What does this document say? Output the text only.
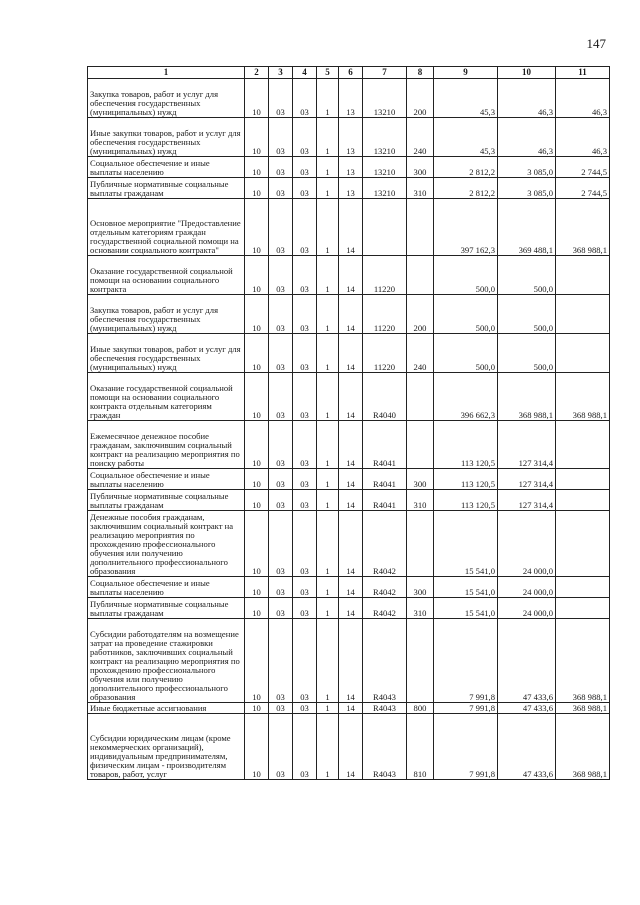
147
1	2	3	4	5	6	7	8	9	10	11
Закупка товаров, работ и услуг для обеспечения государственных (муниципальных) нужд	10	03	03	1	13	13210	200	45,3	46,3	46,3
Иные закупки товаров, работ и услуг для обеспечения государственных (муниципальных) нужд	10	03	03	1	13	13210	240	45,3	46,3	46,3
Социальное обеспечение и иные выплаты населению	10	03	03	1	13	13210	300	2 812,2	3 085,0	2 744,5
Публичные нормативные социальные выплаты гражданам	10	03	03	1	13	13210	310	2 812,2	3 085,0	2 744,5
Основное мероприятие "Предоставление отдельным категориям граждан государственной социальной помощи на основании социального контракта"	10	03	03	1	14			397 162,3	369 488,1	368 988,1
Оказание государственной социальной помощи на основании социального контракта	10	03	03	1	14	11220		500,0	500,0	
Закупка товаров, работ и услуг для обеспечения государственных (муниципальных) нужд	10	03	03	1	14	11220	200	500,0	500,0	
Иные закупки товаров, работ и услуг для обеспечения государственных (муниципальных) нужд	10	03	03	1	14	11220	240	500,0	500,0	
Оказание государственной социальной помощи на основании социального контракта отдельным категориям граждан	10	03	03	1	14	R4040		396 662,3	368 988,1	368 988,1
Ежемесячное денежное пособие гражданам, заключившим социальный контракт на реализацию мероприятия по поиску работы	10	03	03	1	14	R4041		113 120,5	127 314,4	
Социальное обеспечение и иные выплаты населению	10	03	03	1	14	R4041	300	113 120,5	127 314,4	
Публичные нормативные социальные выплаты гражданам	10	03	03	1	14	R4041	310	113 120,5	127 314,4	
Денежные пособия гражданам, заключившим социальный контракт на реализацию мероприятия по прохождению профессионального обучения или получению дополнительного профессионального образования	10	03	03	1	14	R4042		15 541,0	24 000,0	
Социальное обеспечение и иные выплаты населению	10	03	03	1	14	R4042	300	15 541,0	24 000,0	
Публичные нормативные социальные выплаты гражданам	10	03	03	1	14	R4042	310	15 541,0	24 000,0	
Субсидии работодателям на возмещение затрат на проведение стажировки работников, заключивших социальный контракт на реализацию мероприятия по прохождению профессионального обучения или получению дополнительного профессионального образования	10	03	03	1	14	R4043		7 991,8	47 433,6	368 988,1
Иные бюджетные ассигнования	10	03	03	1	14	R4043	800	7 991,8	47 433,6	368 988,1
Субсидии юридическим лицам (кроме некоммерческих организаций), индивидуальным предпринимателям, физическим лицам - производителям товаров, работ, услуг	10	03	03	1	14	R4043	810	7 991,8	47 433,6	368 988,1
